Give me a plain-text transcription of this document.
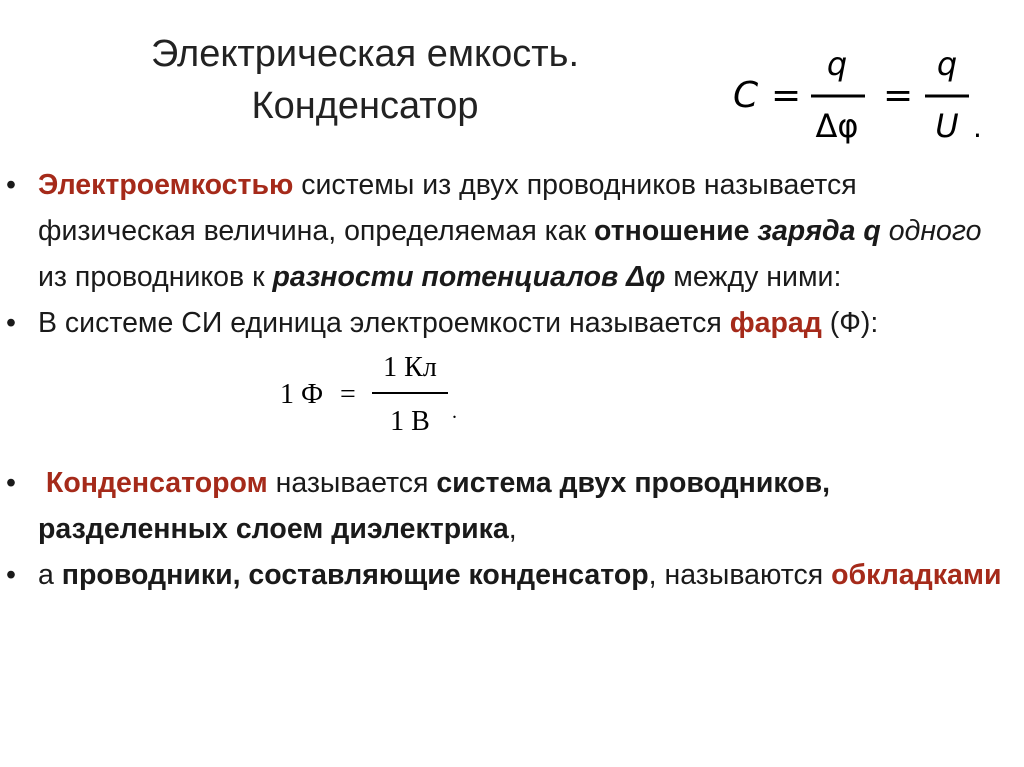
Электрическая емкость.
Конденсатор	C =
q
Δφ
=
q
U .
• Электроемкостью системы из двух проводников называется физическая величина, определяемая как отношение заряда q одного из проводников к разности потенциалов Δφ между ними:
• В системе СИ единица электроемкости называется фарад (Ф):
1 Ф =
1 Кл
1 В .
• Конденсатором называется система двух проводников, разделенных слоем диэлектрика,
• а проводники, составляющие конденсатор, называются обкладками
